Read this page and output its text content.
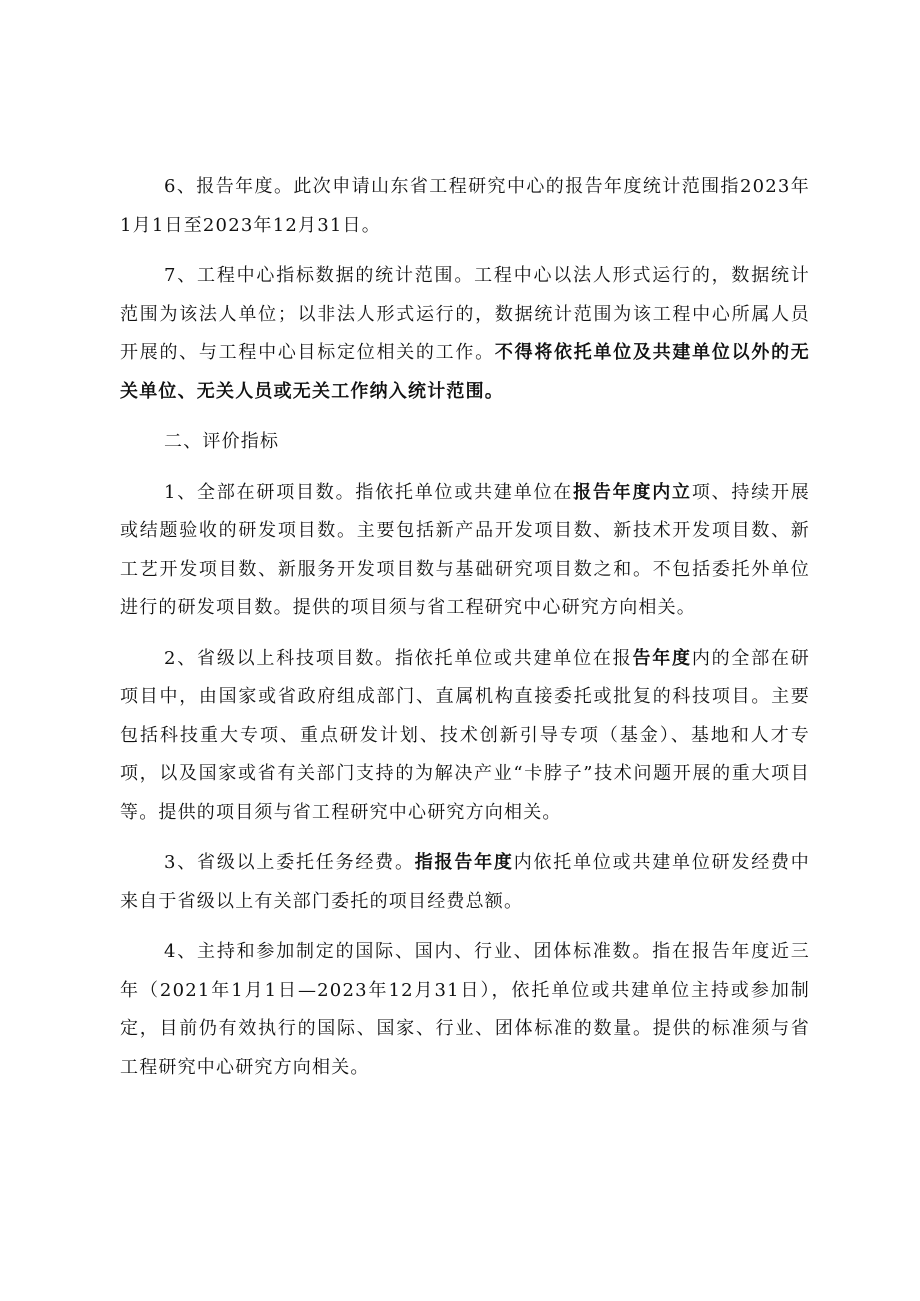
6、报告年度。此次申请山东省工程研究中心的报告年度统计范围指2023年1月1日至2023年12月31日。

7、工程中心指标数据的统计范围。工程中心以法人形式运行的，数据统计范围为该法人单位；以非法人形式运行的，数据统计范围为该工程中心所属人员开展的、与工程中心目标定位相关的工作。不得将依托单位及共建单位以外的无关单位、无关人员或无关工作纳入统计范围。

二、评价指标

1、全部在研项目数。指依托单位或共建单位在报告年度内立项、持续开展或结题验收的研发项目数。主要包括新产品开发项目数、新技术开发项目数、新工艺开发项目数、新服务开发项目数与基础研究项目数之和。不包括委托外单位进行的研发项目数。提供的项目须与省工程研究中心研究方向相关。

2、省级以上科技项目数。指依托单位或共建单位在报告年度内的全部在研项目中，由国家或省政府组成部门、直属机构直接委托或批复的科技项目。主要包括科技重大专项、重点研发计划、技术创新引导专项（基金）、基地和人才专项，以及国家或省有关部门支持的为解决产业“卡脖子”技术问题开展的重大项目等。提供的项目须与省工程研究中心研究方向相关。

3、省级以上委托任务经费。指报告年度内依托单位或共建单位研发经费中来自于省级以上有关部门委托的项目经费总额。

4、主持和参加制定的国际、国内、行业、团体标准数。指在报告年度近三年（2021年1月1日—2023年12月31日），依托单位或共建单位主持或参加制定，目前仍有效执行的国际、国家、行业、团体标准的数量。提供的标准须与省工程研究中心研究方向相关。
